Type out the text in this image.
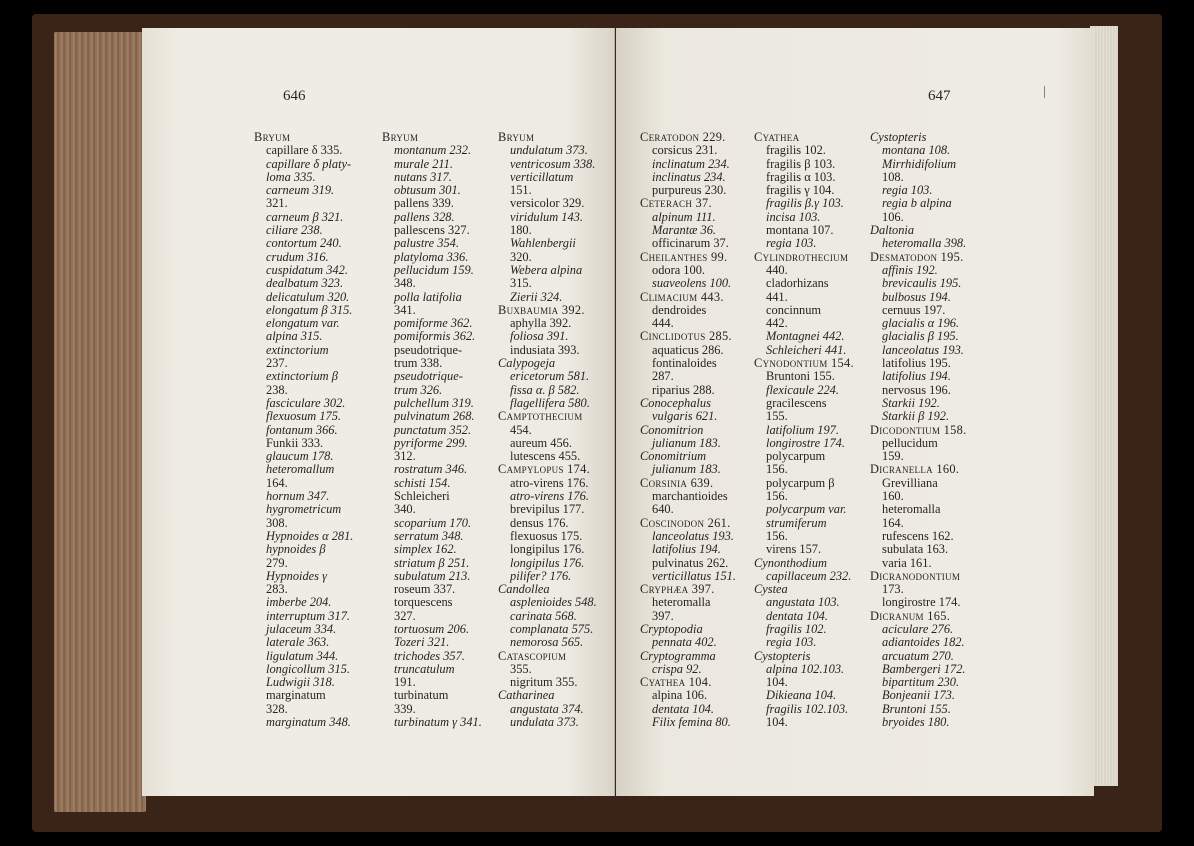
646
Bryum
capillare δ 335.
capillare δ platy-
loma 335.
carneum 319.
321.
carneum β 321.
ciliare 238.
contortum 240.
crudum 316.
cuspidatum 342.
dealbatum 323.
delicatulum 320.
elongatum β 315.
elongatum var.
alpina 315.
extinctorium
237.
extinctorium β
238.
fasciculare 302.
flexuosum 175.
fontanum 366.
Funkii 333.
glaucum 178.
heteromallum
164.
hornum 347.
hygrometricum
308.
Hypnoides α 281.
hypnoides β
279.
Hypnoides γ
283.
imberbe 204.
interruptum 317.
julaceum 334.
laterale 363.
ligulatum 344.
longicollum 315.
Ludwigii 318.
marginatum
328.
marginatum 348.
Bryum
montanum 232.
murale 211.
nutans 317.
obtusum 301.
pallens 339.
pallens 328.
pallescens 327.
palustre 354.
platyloma 336.
pellucidum 159.
348.
polla latifolia
341.
pomiforme 362.
pomiformis 362.
pseudotrique-
trum 338.
pseudotrique-
trum 326.
pulchellum 319.
pulvinatum 268.
punctatum 352.
pyriforme 299.
312.
rostratum 346.
schisti 154.
Schleicheri
340.
scoparium 170.
serratum 348.
simplex 162.
striatum β 251.
subulatum 213.
roseum 337.
torquescens
327.
tortuosum 206.
Tozeri 321.
trichodes 357.
truncatulum
191.
turbinatum
339.
turbinatum γ 341.
Bryum
undulatum 373.
ventricosum 338.
verticillatum
151.
versicolor 329.
viridulum 143.
180.
Wahlenbergii
320.
Webera alpina
315.
Zierii 324.
Buxbaumia 392.
aphylla 392.
foliosa 391.
indusiata 393.
Calypogeja
ericetorum 581.
fissa α. β 582.
flagellifera 580.
Camptothecium
454.
aureum 456.
lutescens 455.
Campylopus 174.
atro-virens 176.
atro-virens 176.
brevipilus 177.
densus 176.
flexuosus 175.
longipilus 176.
longipilus 176.
pilifer? 176.
Candollea
asplenioides 548.
carinata 568.
complanata 575.
nemorosa 565.
Catascopium
355.
nigritum 355.
Catharinea
angustata 374.
undulata 373.
647
Ceratodon 229.
corsicus 231.
inclinatum 234.
inclinatus 234.
purpureus 230.
Ceterach 37.
alpinum 111.
Marantæ 36.
officinarum 37.
Cheilanthes 99.
odora 100.
suaveolens 100.
Climacium 443.
dendroides
444.
Cinclidotus 285.
aquaticus 286.
fontinaloides
287.
riparius 288.
Conocephalus
vulgaris 621.
Conomitrion
julianum 183.
Conomitrium
julianum 183.
Corsinia 639.
marchantioides
640.
Coscinodon 261.
lanceolatus 193.
latifolius 194.
pulvinatus 262.
verticillatus 151.
Cryphæa 397.
heteromalla
397.
Cryptopodia
pennata 402.
Cryptogramma
crispa 92.
Cyathea 104.
alpina 106.
dentata 104.
Filix femina 80.
Cyathea
fragilis 102.
fragilis β 103.
fragilis α 103.
fragilis γ 104.
fragilis β.γ 103.
incisa 103.
montana 107.
regia 103.
Cylindrothecium
440.
cladorhizans
441.
concinnum
442.
Montagnei 442.
Schleicheri 441.
Cynodontium 154.
Bruntoni 155.
flexicaule 224.
gracilescens
155.
latifolium 197.
longirostre 174.
polycarpum
156.
polycarpum β
156.
polycarpum var.
strumiferum
156.
virens 157.
Cynonthodium
capillaceum 232.
Cystea
angustata 103.
dentata 104.
fragilis 102.
regia 103.
Cystopteris
alpina 102.103.
104.
Dikieana 104.
fragilis 102.103.
104.
Cystopteris
montana 108.
Mirrhidifolium
108.
regia 103.
regia b alpina
106.
Daltonia
heteromalla 398.
Desmatodon 195.
affinis 192.
brevicaulis 195.
bulbosus 194.
cernuus 197.
glacialis α 196.
glacialis β 195.
lanceolatus 193.
latifolius 195.
latifolius 194.
nervosus 196.
Starkii 192.
Starkii β 192.
Dicodontium 158.
pellucidum
159.
Dicranella 160.
Grevilliana
160.
heteromalla
164.
rufescens 162.
subulata 163.
varia 161.
Dicranodontium
173.
longirostre 174.
Dicranum 165.
aciculare 276.
adiantoides 182.
arcuatum 270.
Bambergeri 172.
bipartitum 230.
Bonjeanii 173.
Bruntoni 155.
bryoides 180.
